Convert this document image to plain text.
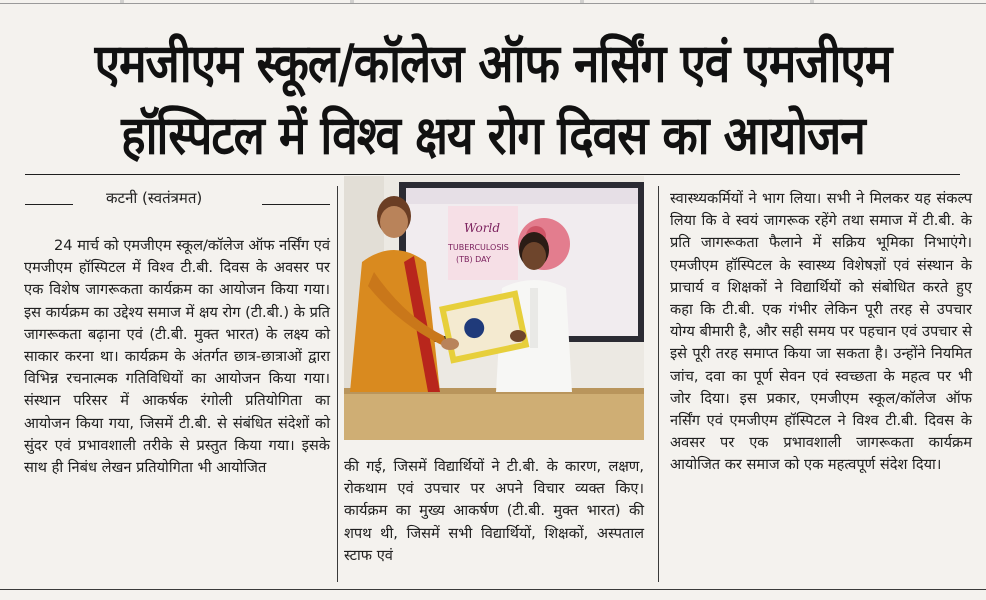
एमजीएम स्कूल/कॉलेज ऑफ नर्सिंग एवं एमजीएम
हॉस्पिटल में विश्व क्षय रोग दिवस का आयोजन
कटनी (स्वतंत्रमत)
24 मार्च को एमजीएम स्कूल/कॉलेज ऑफ नर्सिंग एवं एमजीएम हॉस्पिटल में विश्व टी.बी. दिवस के अवसर पर एक विशेष जागरूकता कार्यक्रम का आयोजन किया गया। इस कार्यक्रम का उद्देश्य समाज में क्षय रोग (टी.बी.) के प्रति जागरूकता बढ़ाना एवं (टी.बी. मुक्त भारत) के लक्ष्य को साकार करना था। कार्यक्रम के अंतर्गत छात्र-छात्राओं द्वारा विभिन्न रचनात्मक गतिविधियों का आयोजन किया गया। संस्थान परिसर में आकर्षक रंगोली प्रतियोगिता का आयोजन किया गया, जिसमें टी.बी. से संबंधित संदेशों को सुंदर एवं प्रभावशाली तरीके से प्रस्तुत किया गया। इसके साथ ही निबंध लेखन प्रतियोगिता भी आयोजित
World
TUBERCULOSIS
(TB) DAY
की गई, जिसमें विद्यार्थियों ने टी.बी. के कारण, लक्षण, रोकथाम एवं उपचार पर अपने विचार व्यक्त किए। कार्यक्रम का मुख्य आकर्षण (टी.बी. मुक्त भारत) की शपथ थी, जिसमें सभी विद्यार्थियों, शिक्षकों, अस्पताल स्टाफ एवं
स्वास्थ्यकर्मियों ने भाग लिया। सभी ने मिलकर यह संकल्प लिया कि वे स्वयं जागरूक रहेंगे तथा समाज में टी.बी. के प्रति जागरूकता फैलाने में सक्रिय भूमिका निभाएंगे। एमजीएम हॉस्पिटल के स्वास्थ्य विशेषज्ञों एवं संस्थान के प्राचार्य व शिक्षकों ने विद्यार्थियों को संबोधित करते हुए कहा कि टी.बी. एक गंभीर लेकिन पूरी तरह से उपचार योग्य बीमारी है, और सही समय पर पहचान एवं उपचार से इसे पूरी तरह समाप्त किया जा सकता है। उन्होंने नियमित जांच, दवा का पूर्ण सेवन एवं स्वच्छता के महत्व पर भी जोर दिया। इस प्रकार, एमजीएम स्कूल/कॉलेज ऑफ नर्सिंग एवं एमजीएम हॉस्पिटल ने विश्व टी.बी. दिवस के अवसर पर एक प्रभावशाली जागरूकता कार्यक्रम आयोजित कर समाज को एक महत्वपूर्ण संदेश दिया।
